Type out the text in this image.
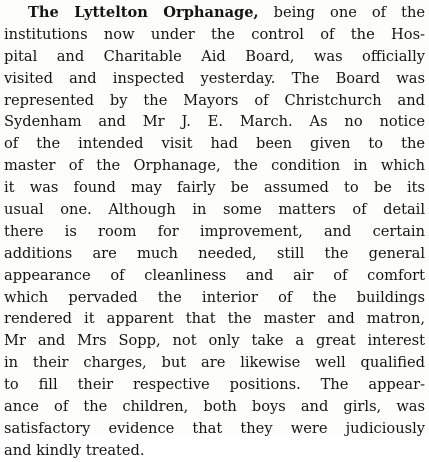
The Lyttelton Orphanage, being one of the
institutions now under the control of the Hos-
pital and Charitable Aid Board, was officially
visited and inspected yesterday. The Board was
represented by the Mayors of Christchurch and
Sydenham and Mr J. E. March. As no notice
of the intended visit had been given to the
master of the Orphanage, the condition in which
it was found may fairly be assumed to be its
usual one. Although in some matters of detail
there is room for improvement, and certain
additions are much needed, still the general
appearance of cleanliness and air of comfort
which pervaded the interior of the buildings
rendered it apparent that the master and matron,
Mr and Mrs Sopp, not only take a great interest
in their charges, but are likewise well qualified
to fill their respective positions. The appear-
ance of the children, both boys and girls, was
satisfactory evidence that they were judiciously
and kindly treated.
